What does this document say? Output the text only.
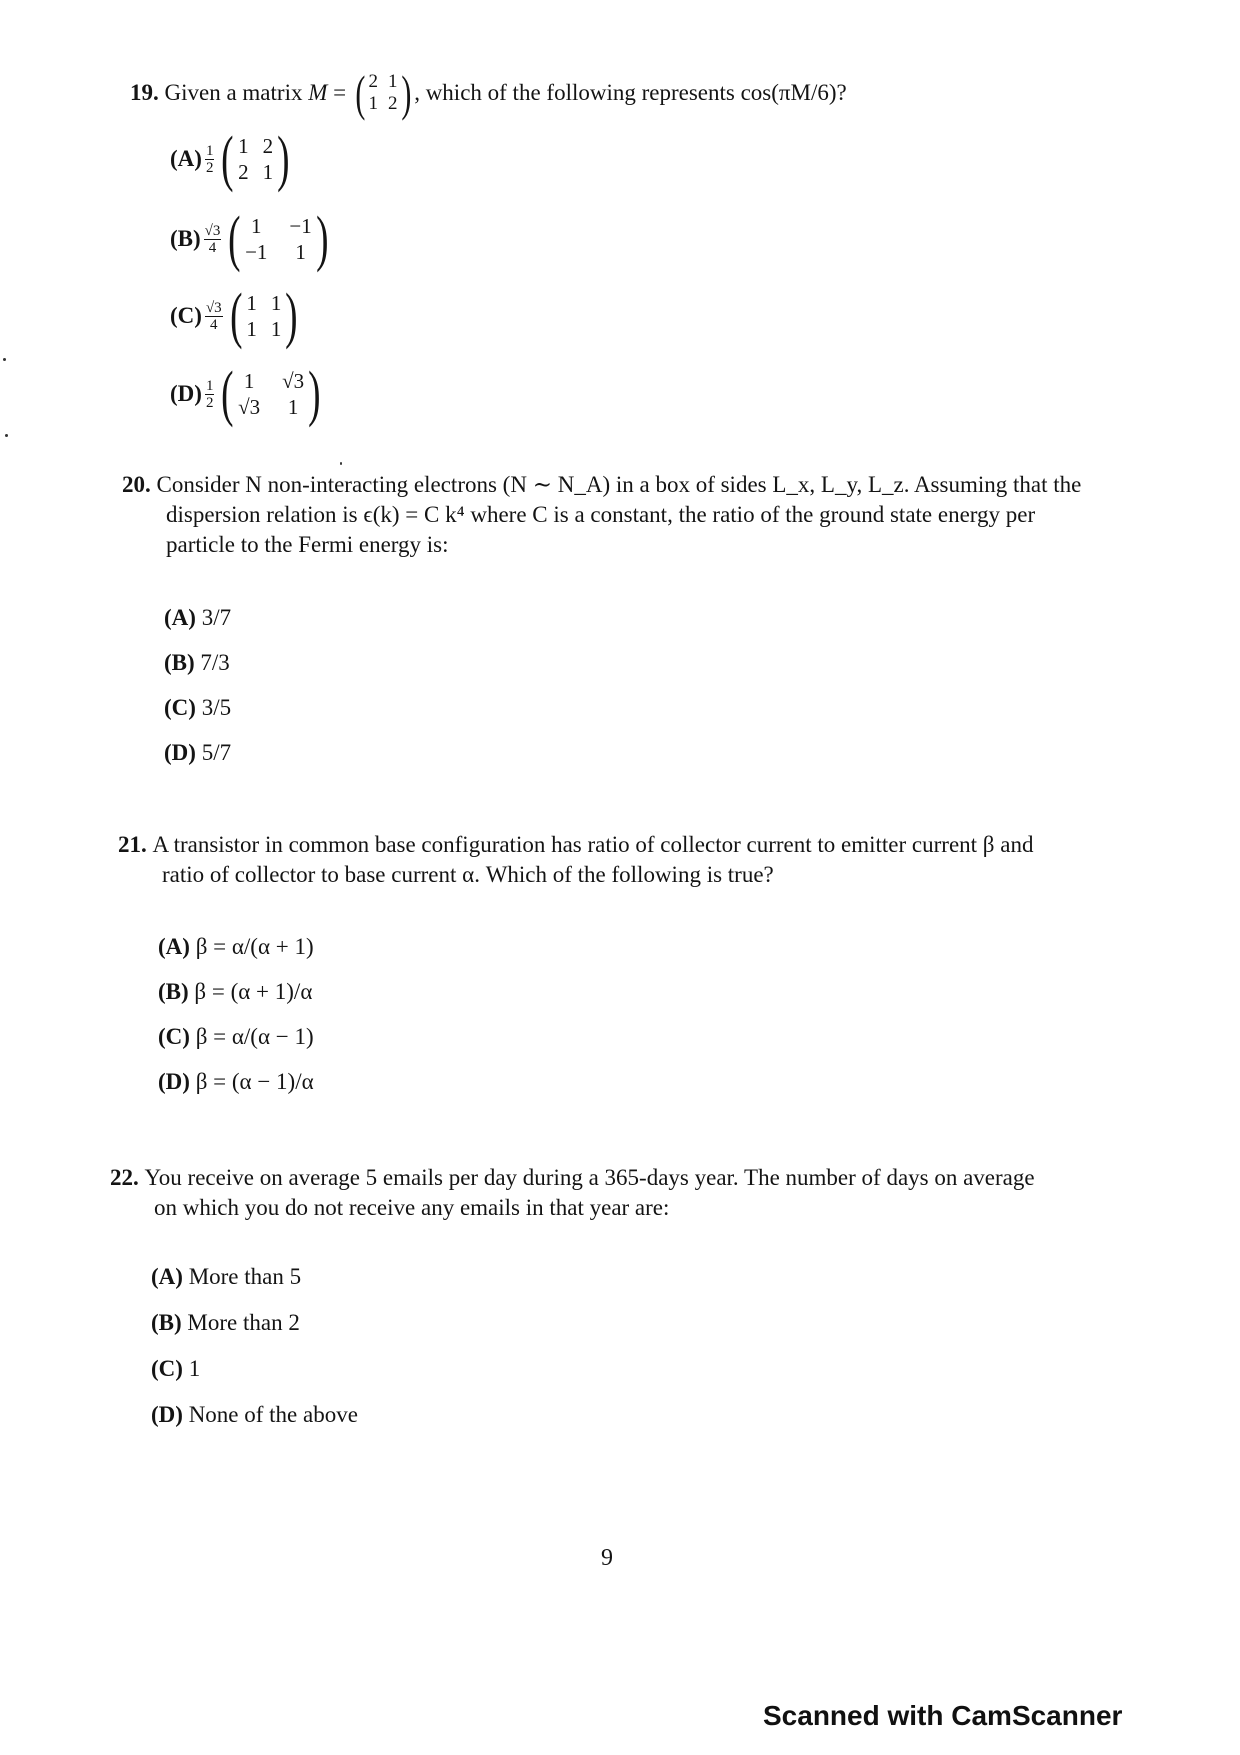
19.
Given a matrix
M
=
( 2 1
1 2 ) , which of the following represents
cos(πM/6)?
$(A) \frac{1}{2}$ ( 1 2
2 1 )
$(B) \frac{√3}{4}$ ( 1 −1
−1 1 )
$(C) \frac{√3}{4}$ ( 1 1
1 1 )
$(D) \frac{1}{2}$ ( 1 √3
√3 1 )
20. Consider N non-interacting electrons (N ∼ N_A) in a box of sides L_x, L_y, L_z. Assuming that the
dispersion relation is ϵ(k) = C k⁴ where C is a constant, the ratio of the ground state energy per
particle to the Fermi energy is:
(A) 3/7
(B) 7/3
(C) 3/5
(D) 5/7
21. A transistor in common base configuration has ratio of collector current to emitter current β and
ratio of collector to base current α. Which of the following is true?
(A) β = α/(α + 1)
(B) β = (α + 1)/α
(C) β = α/(α − 1)
(D) β = (α − 1)/α
22. You receive on average 5 emails per day during a 365-days year. The number of days on average
on which you do not receive any emails in that year are:
(A) More than 5
(B) More than 2
(C) 1
(D) None of the above
9
Scanned with CamScanner
